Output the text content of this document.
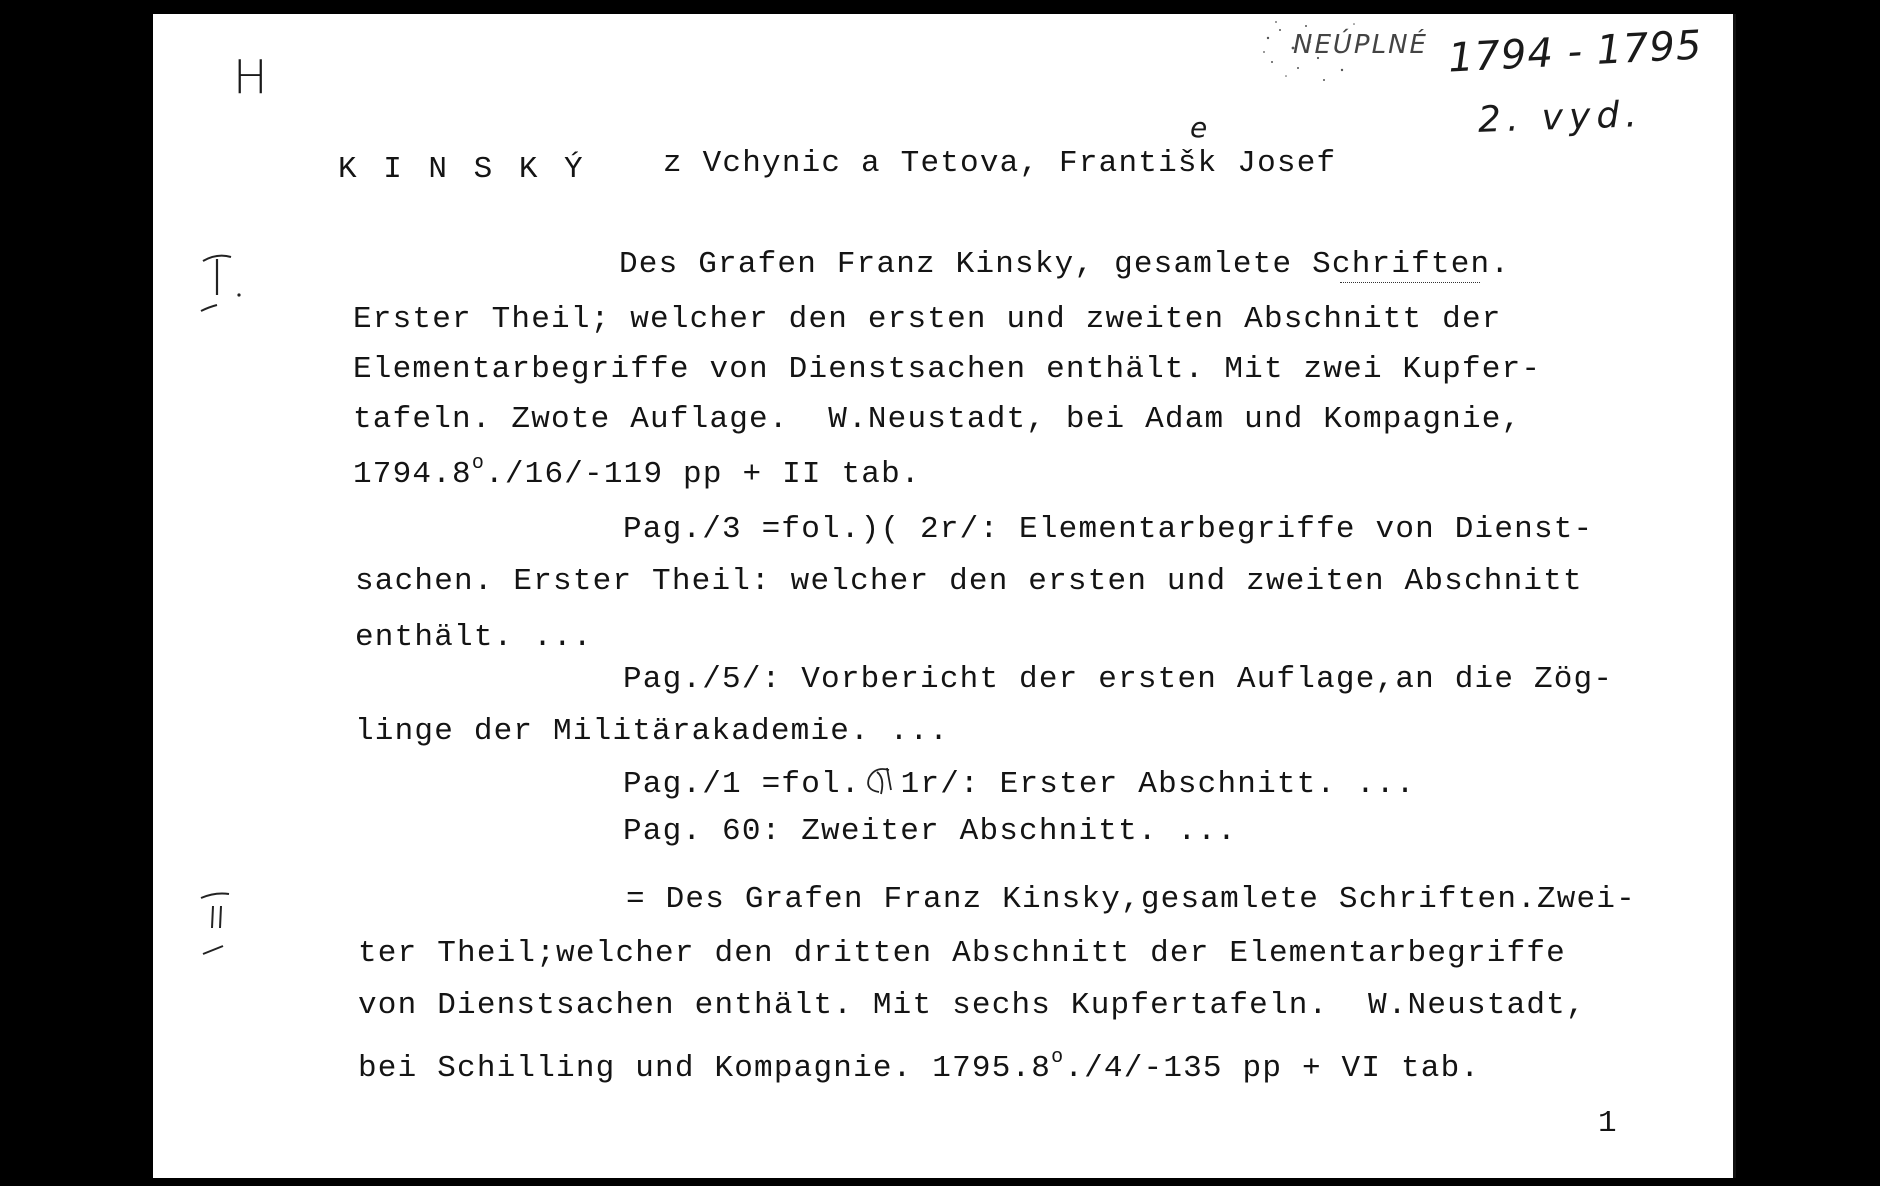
H
NEÚPLNÉ 1794 - 1795
2. vyd.
K I N S K Ý z Vchynic a Tetova, Františk Josef
e
Des Grafen Franz Kinsky, gesamlete Schriften.
Erster Theil; welcher den ersten und zweiten Abschnitt der
Elementarbegriffe von Dienstsachen enthält. Mit zwei Kupfer-
tafeln. Zwote Auflage.  W.Neustadt, bei Adam und Kompagnie,
1794.8$^o$./16/-119 pp + II tab.
Pag./3 =fol.)( 2r/: Elementarbegriffe von Dienst-
sachen. Erster Theil: welcher den ersten und zweiten Abschnitt
enthält. ...
Pag./5/: Vorbericht der ersten Auflage,an die Zög-
linge der Militärakademie. ...
Pag./1 =fol. 1r/: Erster Abschnitt. ...
Pag. 60: Zweiter Abschnitt. ...
= Des Grafen Franz Kinsky,gesamlete Schriften.Zwei-
ter Theil;welcher den dritten Abschnitt der Elementarbegriffe
von Dienstsachen enthält. Mit sechs Kupfertafeln.  W.Neustadt,
bei Schilling und Kompagnie. 1795.8$^o$./4/-135 pp + VI tab.
1
